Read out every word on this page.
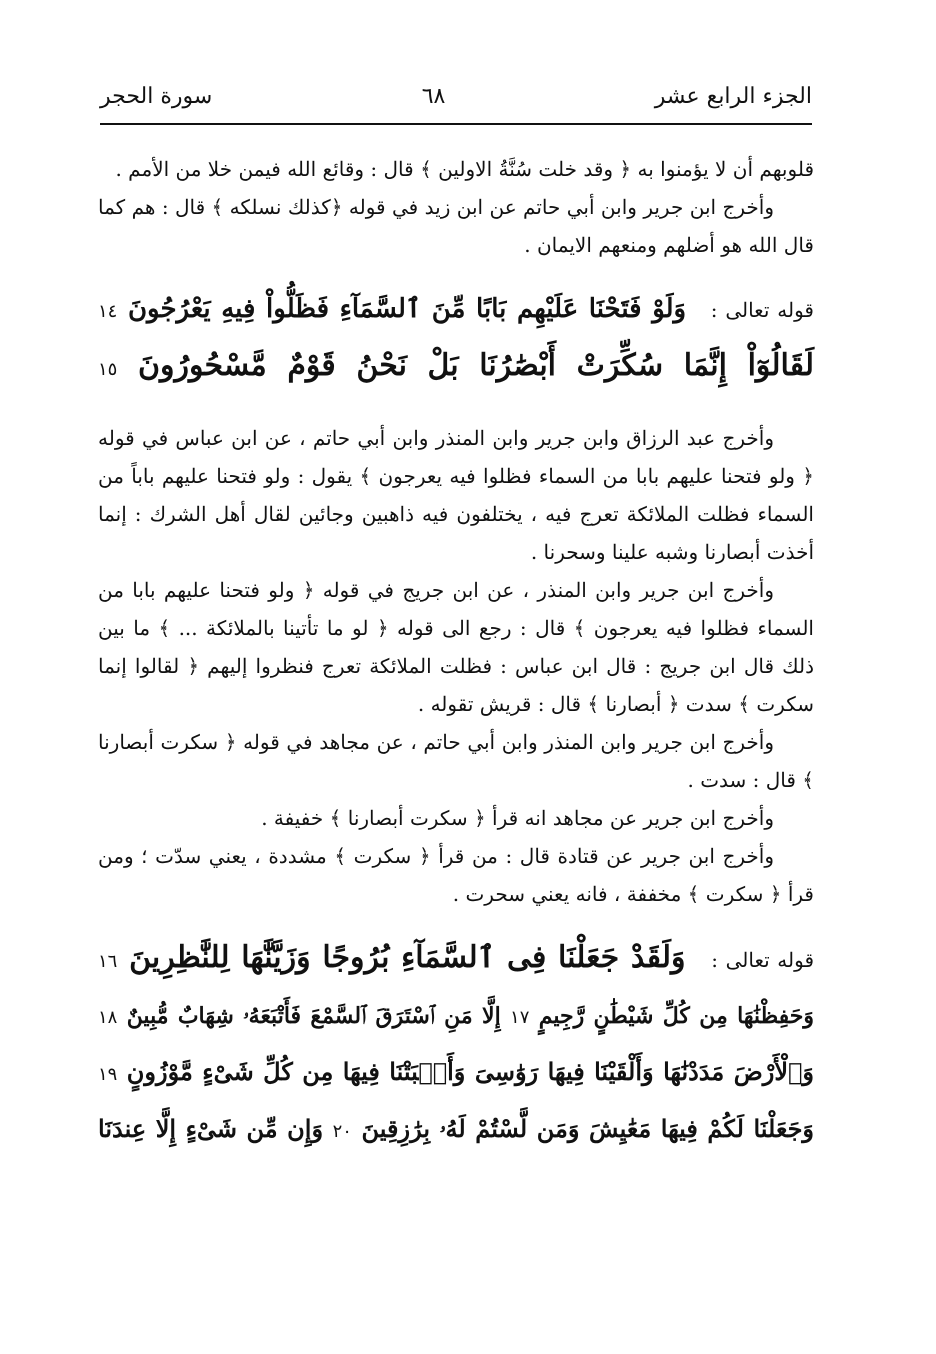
الجزء الرابع عشر
٦٨
سورة الحجر

قلوبهم أن لا يؤمنوا به ﴿ وقد خلت سُنَّةُ الاولين ﴾ قال : وقائع الله فيمن خلا من الأمم .

وأخرج ابن جرير وابن أبي حاتم عن ابن زيد في قوله ﴿كذلك نسلكه ﴾ قال : هم كما قال الله هو أضلهم ومنعهم الايمان .

قوله تعالى : وَلَوْ فَتَحْنَا عَلَيْهِم بَابًا مِّنَ ٱلسَّمَآءِ فَظَلُّواْ فِيهِ يَعْرُجُونَ ١٤
لَقَالُوٓاْ إِنَّمَا سُكِّرَتْ أَبْصَٰرُنَا بَلْ نَحْنُ قَوْمٌ مَّسْحُورُونَ ١٥

وأخرج عبد الرزاق وابن جرير وابن المنذر وابن أبي حاتم ، عن ابن عباس في قوله ﴿ ولو فتحنا عليهم بابا من السماء فظلوا فيه يعرجون ﴾ يقول : ولو فتحنا عليهم باباً من السماء فظلت الملائكة تعرج فيه ، يختلفون فيه ذاهبين وجائين لقال أهل الشرك : إنما أخذت أبصارنا وشبه علينا وسحرنا .

وأخرج ابن جرير وابن المنذر ، عن ابن جريج في قوله ﴿ ولو فتحنا عليهم بابا من السماء فظلوا فيه يعرجون ﴾ قال : رجع الى قوله ﴿ لو ما تأتينا بالملائكة ... ﴾ ما بين ذلك قال ابن جريج : قال ابن عباس : فظلت الملائكة تعرج فنظروا إليهم ﴿ لقالوا إنما سكرت ﴾ سدت ﴿ أبصارنا ﴾ قال : قريش تقوله .

وأخرج ابن جرير وابن المنذر وابن أبي حاتم ، عن مجاهد في قوله ﴿ سكرت أبصارنا ﴾ قال : سدت .

وأخرج ابن جرير عن مجاهد انه قرأ ﴿ سكرت أبصارنا ﴾ خفيفة .

وأخرج ابن جرير عن قتادة قال : من قرأ ﴿ سكرت ﴾ مشددة ، يعني سدّت ؛ ومن قرأ ﴿ سكرت ﴾ مخففة ، فانه يعني سحرت .

قوله تعالى : وَلَقَدْ جَعَلْنَا فِى ٱلسَّمَآءِ بُرُوجًا وَزَيَّنَّٰهَا لِلنَّٰظِرِينَ ١٦
وَحَفِظْنَٰهَا مِن كُلِّ شَيْطَٰنٍ رَّجِيمٍ ١٧ إِلَّا مَنِ ٱسْتَرَقَ ٱلسَّمْعَ فَأَتْبَعَهُۥ شِهَابٌ مُّبِينٌ ١٨
وَٱلْأَرْضَ مَدَدْنَٰهَا وَأَلْقَيْنَا فِيهَا رَوَٰسِىَ وَأَنۢبَتْنَا فِيهَا مِن كُلِّ شَىْءٍ مَّوْزُونٍ ١٩
وَجَعَلْنَا لَكُمْ فِيهَا مَعَٰيِشَ وَمَن لَّسْتُمْ لَهُۥ بِرَٰزِقِينَ ٢٠ وَإِن مِّن شَىْءٍ إِلَّا عِندَنَا
